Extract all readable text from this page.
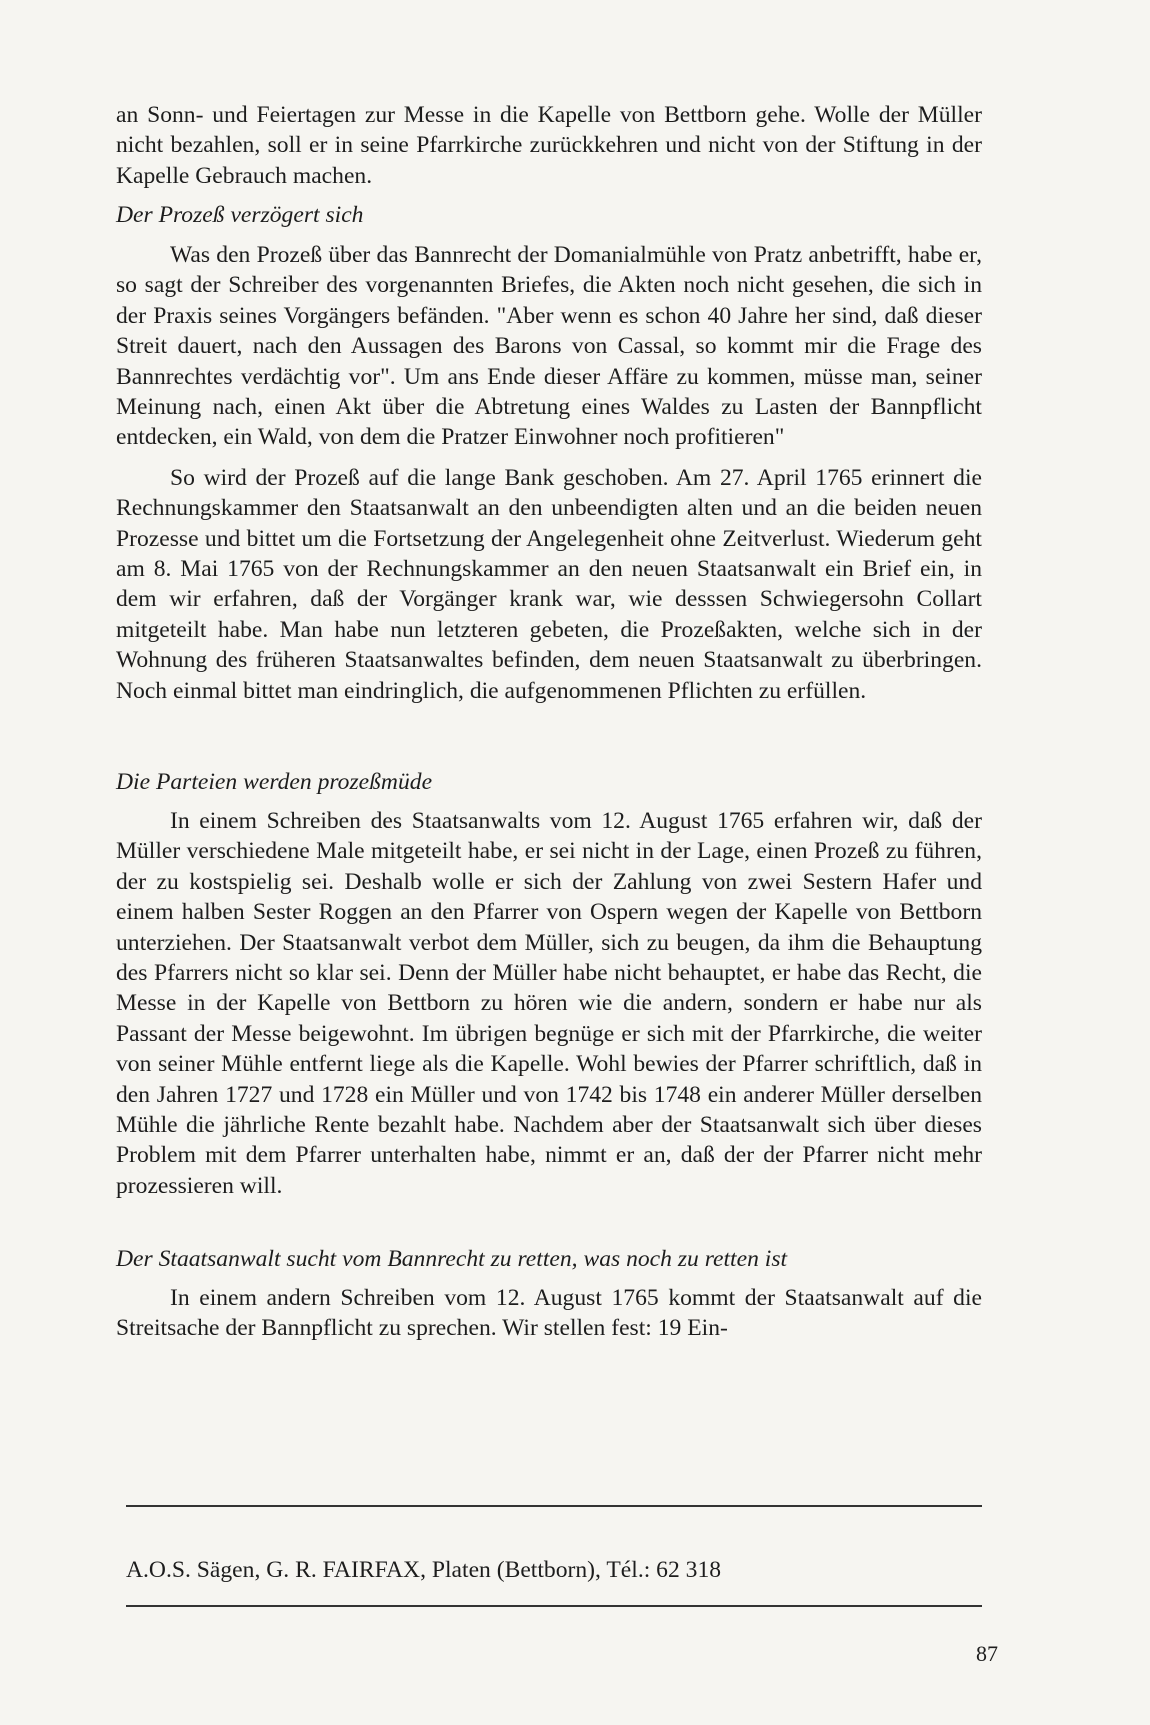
an Sonn- und Feiertagen zur Messe in die Kapelle von Bettborn gehe. Wolle der Müller nicht bezahlen, soll er in seine Pfarrkirche zurückkehren und nicht von der Stiftung in der Kapelle Gebrauch machen.

Der Prozeß verzögert sich

Was den Prozeß über das Bannrecht der Domanialmühle von Pratz anbetrifft, habe er, so sagt der Schreiber des vorgenannten Briefes, die Akten noch nicht gesehen, die sich in der Praxis seines Vorgängers befänden. "Aber wenn es schon 40 Jahre her sind, daß dieser Streit dauert, nach den Aussagen des Barons von Cassal, so kommt mir die Frage des Bannrechtes verdächtig vor". Um ans Ende dieser Affäre zu kommen, müsse man, seiner Meinung nach, einen Akt über die Abtretung eines Waldes zu Lasten der Bannpflicht entdecken, ein Wald, von dem die Pratzer Einwohner noch profitieren"

So wird der Prozeß auf die lange Bank geschoben. Am 27. April 1765 erinnert die Rechnungskammer den Staatsanwalt an den unbeendigten alten und an die beiden neuen Prozesse und bittet um die Fortsetzung der Angelegenheit ohne Zeitverlust. Wiederum geht am 8. Mai 1765 von der Rechnungskammer an den neuen Staatsanwalt ein Brief ein, in dem wir erfahren, daß der Vorgänger krank war, wie desssen Schwiegersohn Collart mitgeteilt habe. Man habe nun letzteren gebeten, die Prozeßakten, welche sich in der Wohnung des früheren Staatsanwaltes befinden, dem neuen Staatsanwalt zu überbringen. Noch einmal bittet man eindringlich, die aufgenommenen Pflichten zu erfüllen.

Die Parteien werden prozeßmüde

In einem Schreiben des Staatsanwalts vom 12. August 1765 erfahren wir, daß der Müller verschiedene Male mitgeteilt habe, er sei nicht in der Lage, einen Prozeß zu führen, der zu kostspielig sei. Deshalb wolle er sich der Zahlung von zwei Sestern Hafer und einem halben Sester Roggen an den Pfarrer von Ospern wegen der Kapelle von Bettborn unterziehen. Der Staatsanwalt verbot dem Müller, sich zu beugen, da ihm die Behauptung des Pfarrers nicht so klar sei. Denn der Müller habe nicht behauptet, er habe das Recht, die Messe in der Kapelle von Bettborn zu hören wie die andern, sondern er habe nur als Passant der Messe beigewohnt. Im übrigen begnüge er sich mit der Pfarrkirche, die weiter von seiner Mühle entfernt liege als die Kapelle. Wohl bewies der Pfarrer schriftlich, daß in den Jahren 1727 und 1728 ein Müller und von 1742 bis 1748 ein anderer Müller derselben Mühle die jährliche Rente bezahlt habe. Nachdem aber der Staatsanwalt sich über dieses Problem mit dem Pfarrer unterhalten habe, nimmt er an, daß der der Pfarrer nicht mehr prozessieren will.

Der Staatsanwalt sucht vom Bannrecht zu retten, was noch zu retten ist

In einem andern Schreiben vom 12. August 1765 kommt der Staatsanwalt auf die Streitsache der Bannpflicht zu sprechen. Wir stellen fest: 19 Ein-

A.O.S. Sägen, G. R. FAIRFAX, Platen (Bettborn), Tél.: 62 318
87
